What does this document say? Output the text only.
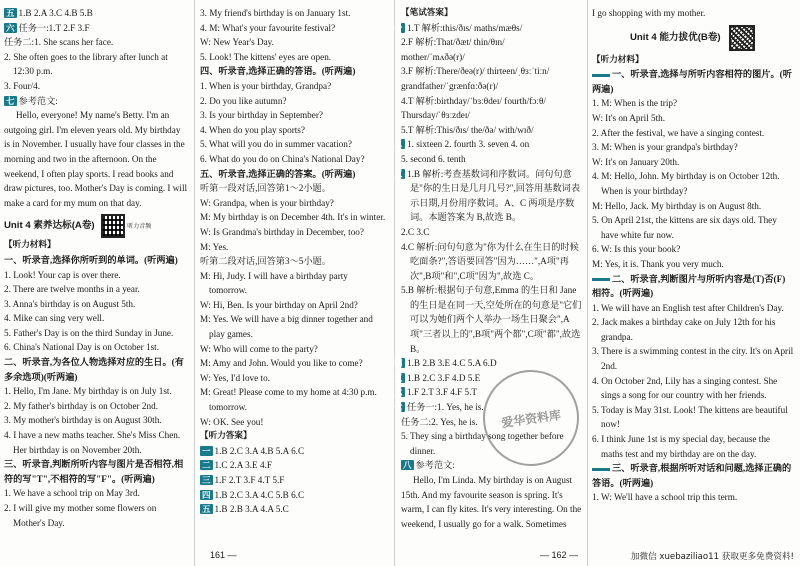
五 1.B 2.A 3.C 4.B 5.B

六 任务一:1.T 2.F 3.F

任务二:1. She scans her face.

2. She often goes to the library after lunch at 12:30 p.m.

3. Four/4.

七 参考范文:

Hello, everyone! My name's Betty. I'm an outgoing girl. I'm eleven years old. My birthday is in November. I usually have four classes in the morning and two in the afternoon. On the weekend, I often play sports. I read books and draw pictures, too. Mother's Day is coming. I will make a card for my mum on that day.

Unit 4 素养达标(A卷)	听力音频

【听力材料】

一、听录音,选择你所听到的单词。(听两遍)

1. Look! Your cap is over there.

2. There are twelve months in a year.

3. Anna's birthday is on August 5th.

4. Mike can sing very well.

5. Father's Day is on the third Sunday in June.

6. China's National Day is on October 1st.

二、听录音,为各位人物选择对应的生日。(有多余选项)(听两遍)

1. Hello, I'm Jane. My birthday is on July 1st.

2. My father's birthday is on October 2nd.

3. My mother's birthday is on August 30th.

4. I have a new maths teacher. She's Miss Chen. Her birthday is on November 20th.

三、听录音,判断所听内容与图片是否相符,相符的写"T",不相符的写"F"。(听两遍)

1. We have a school trip on May 3rd.

2. I will give my mother some flowers on Mother's Day.

3. My friend's birthday is on January 1st.

4. M: What's your favourite festival?

W: New Year's Day.

5. Look! The kittens' eyes are open.

四、听录音,选择正确的答语。(听两遍)

1. When is your birthday, Grandpa?

2. Do you like autumn?

3. Is your birthday in September?

4. When do you play sports?

5. What will you do in summer vacation?

6. What do you do on China's National Day?

五、听录音,选择正确的答案。(听两遍)

听第一段对话,回答第1～2小题。

W: Grandpa, when is your birthday?

M: My birthday is on December 4th. It's in winter.

W: Is Grandma's birthday in December, too?

M: Yes.

听第二段对话,回答第3～5小题。

M: Hi, Judy. I will have a birthday party tomorrow.

W: Hi, Ben. Is your birthday on April 2nd?

M: Yes. We will have a big dinner together and play games.

W: Who will come to the party?

M: Amy and John. Would you like to come?

W: Yes, I'd love to.

M: Great! Please come to my home at 4:30 p.m. tomorrow.

W: OK. See you!

【听力答案】

一 1.B 2.C 3.A 4.B 5.A 6.C

二 1.C 2.A 3.E 4.F

三 1.F 2.T 3.F 4.T 5.F

四 1.B 2.C 3.A 4.C 5.B 6.C

五 1.B 2.B 3.A 4.A 5.C

161 —

【笔试答案】

一 1.T 解析:this/ðɪs/ maths/mæθs/

2.F 解析:That/ðæt/ thin/θɪn/

mother/ˈmʌðə(r)/

3.F 解析:There/ðeə(r)/ thirteen/ˌθɜːˈtiːn/

grandfather/ˈgrænfɑːðə(r)/

4.T 解析:birthday/ˈbɜːθdeɪ/ fourth/fɔːθ/

Thursday/ˈθɜːzdeɪ/

5.T 解析:This/ðɪs/ the/ðə/ with/wɪð/

二 1. sixteen 2. fourth 3. seven 4. on

5. second 6. tenth

三 1.B 解析:考查基数词和序数词。问句句意是"你的生日是几月几号?",回答用基数词表示日期,月份用序数词。A、C 两项是序数词。本题答案为 B,故选 B。

2.C 3.C

4.C 解析:问句句意为"你为什么在生日的时候吃面条?",答语要回答"因为……",A项"再次",B项"和",C项"因为",故选 C。

5.B 解析:根据句子句意,Emma 的生日和 Jane 的生日是在同一天,空处所在的句意是"它们可以为她们两个人举办一场生日聚会",A项"三者以上的",B项"两个都",C项"都",故选 B。

四 1.B 2.B 3.E 4.C 5.A 6.D

五 1.B 2.C 3.F 4.D 5.E

六 1.F 2.T 3.F 4.F 5.T

七 任务一:1. Yes, he is.

任务二:2. Yes, he is.

5. They sing a birthday song together before dinner.

八 参考范文:

Hello, I'm Linda. My birthday is on August 15th. And my favourite season is spring. It's warm, I can fly kites. It's very interesting. On the weekend, I usually go for a walk. Sometimes

爱华资料库

I go shopping with my mother.

Unit 4 能力拔优(B卷)

【听力材料】

一、听录音,选择与所听内容相符的图片。(听两遍)

1. M: When is the trip?

W: It's on April 5th.

2. After the festival, we have a singing contest.

3. M: When is your grandpa's birthday?

W: It's on January 20th.

4. M: Hello, John. My birthday is on October 12th. When is your birthday?

M: Hello, Jack. My birthday is on August 8th.

5. On April 21st, the kittens are six days old. They have white fur now.

6. W: Is this your book?

M: Yes, it is. Thank you very much.

二、听录音,判断图片与所听内容是(T)否(F)相符。(听两遍)

1. We will have an English test after Children's Day.

2. Jack makes a birthday cake on July 12th for his grandpa.

3. There is a swimming contest in the city. It's on April 2nd.

4. On October 2nd, Lily has a singing contest. She sings a song for our country with her friends.

5. Today is May 31st. Look! The kittens are beautiful now!

6. I think June 1st is my special day, because the maths test and my birthday are on the day.

三、听录音,根据所听对话和问题,选择正确的答语。(听两遍)

1. W: We'll have a school trip this term.

— 162 —	加微信 xuebaziliao11 获取更多免费资料!
